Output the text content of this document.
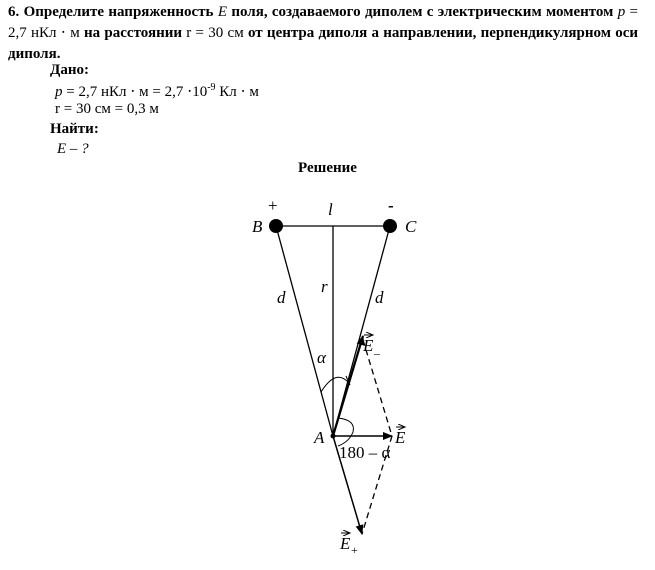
6. Определите напряженность E поля, создаваемого диполем с электрическим моментом p = 2,7 нКл ⋅ м на расстоянии r = 30 см от центра диполя а направлении, перпендикулярном оси диполя.
Дано:
p = 2,7 нКл ⋅ $м = 2,7 \cdot 10^{-9}$ Кл ⋅ м
r = 30 см = 0,3 м
Найти:
E – ?
Решение
+	-
B	C
l
r
d	d
α
A
180 – α
E –
E
E +
